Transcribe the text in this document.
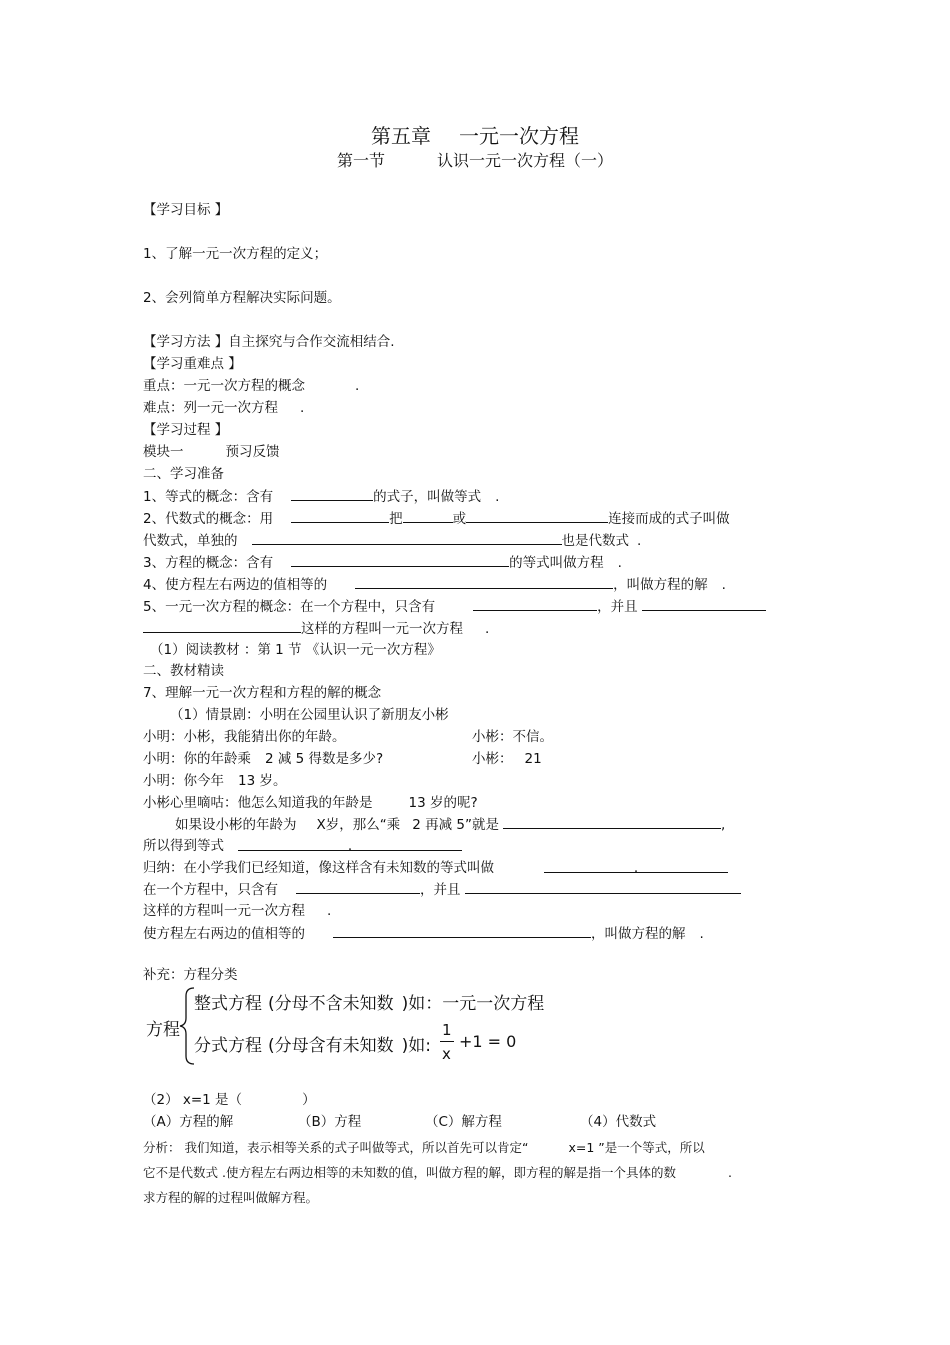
第五章 一元一次方程
第一节	认识一元一次方程（一）
【学习目标 】
1、了解一元一次方程的定义；
2、会列简单方程解决实际问题。
【学习方法 】自主探究与合作交流相结合.
【学习重难点 】
重点：一元一次方程的概念	.
难点：列一元一次方程 .
【学习过程 】
模块一	预习反馈
二、学习准备
1、等式的概念：含有	的式子，叫做等式 .
2、代数式的概念：用	把	或	连接而成的式子叫做
代数式，单独的	也是代数式 .
3、方程的概念：含有	的等式叫做方程 .
4、使方程左右两边的值相等的	，叫做方程的解 .
5、一元一次方程的概念：在一个方程中，只含有	，并且
这样的方程叫一元一次方程 .
（1）阅读教材 ：第 1 节 《认识一元一次方程》
二、教材精读
7、理解一元一次方程和方程的解的概念
（1）情景剧：小明在公园里认识了新朋友小彬
小明：小彬，我能猜出你的年龄。	小彬：不信。
小明：你的年龄乘 2 减 5 得数是多少?	小彬： 21
小明：你今年 13 岁。
小彬心里嘀咕：他怎么知道我的年龄是	13 岁的呢?
如果设小彬的年龄为 X岁，那么“乘 2 再减 5”就是	,
所以得到等式	.
归纳：在小学我们已经知道，像这样含有未知数的等式叫做	.
在一个方程中，只含有	，并且
这样的方程叫一元一次方程 .
使方程左右两边的值相等的	，叫做方程的解 .
补充：方程分类
方程
整式方程 (分母不含未知数 )如：一元一次方程
分式方程 (分母含有未知数 )如:
1
x
+1 = 0
（2） x=1 是（	）
（A）方程的解	（B）方程	（C）解方程	（4）代数式
分析： 我们知道，表示相等关系的式子叫做等式，所以首先可以肯定“	x=1 ”是一个等式，所以
它不是代数式 .使方程左右两边相等的未知数的值，叫做方程的解，即方程的解是指一个具体的数	.
求方程的解的过程叫做解方程。
